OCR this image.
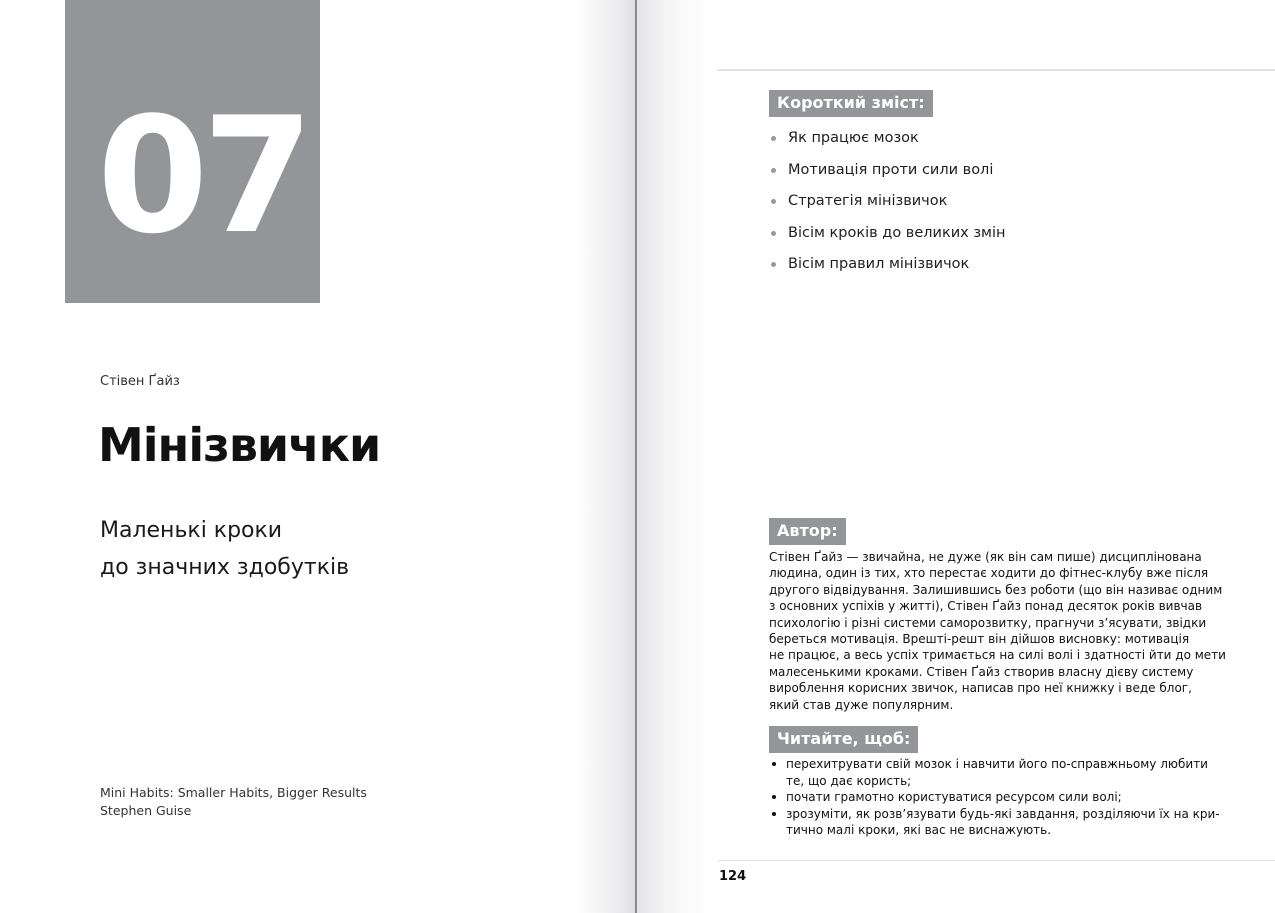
07
Стівен Ґайз
Мінізвички
Маленькі кроки
до значних здобутків
Mini Habits: Smaller Habits, Bigger Results
Stephen Guise
Короткий зміст:
Як працює мозок
Мотивація проти сили волі
Стратегія мінізвичок
Вісім кроків до великих змін
Вісім правил мінізвичок
Автор:
Стівен Ґайз — звичайна, не дуже (як він сам пише) дисциплінована
людина, один із тих, хто перестає ходити до фітнес-клубу вже після
другого відвідування. Залишившись без роботи (що він називає одним
з основних успіхів у житті), Стівен Ґайз понад десяток років вивчав
психологію і різні системи саморозвитку, прагнучи з’ясувати, звідки
береться мотивація. Врешті-решт він дійшов висновку: мотивація
не працює, а весь успіх тримається на силі волі і здатності йти до мети
малесенькими кроками. Стівен Ґайз створив власну дієву систему
вироблення корисних звичок, написав про неї книжку і веде блог,
який став дуже популярним.
Читайте, щоб:
перехитрувати свій мозок і навчити його по-справжньому любити
те, що дає користь;
почати грамотно користуватися ресурсом сили волі;
зрозуміти, як розв’язувати будь-які завдання, розділяючи їх на кри-
тично малі кроки, які вас не виснажують.
124
